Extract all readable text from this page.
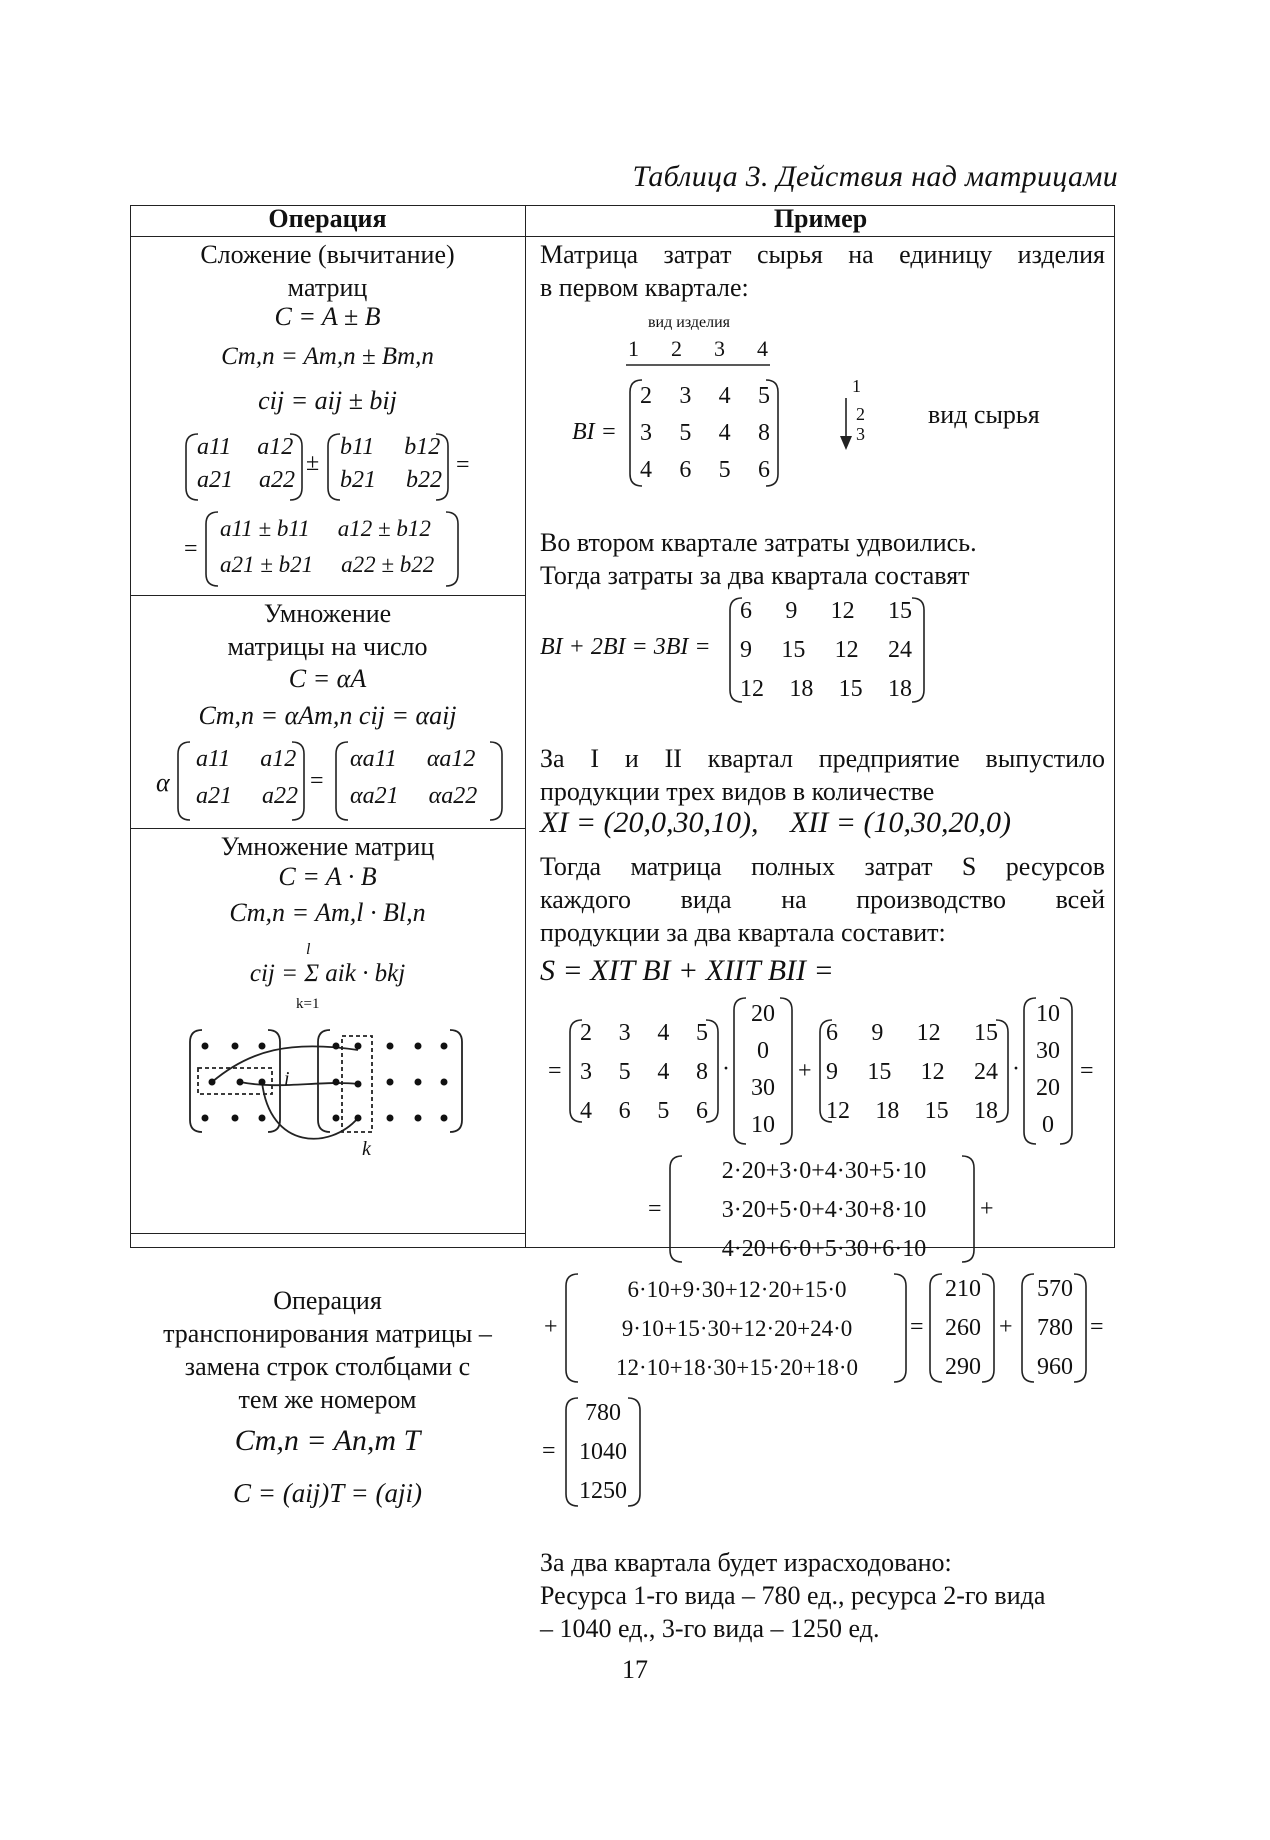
Таблица 3. Действия над матрицами
Операция	Пример
Сложение (вычитание)
матриц
C = A ± B
Cm,n = Am,n ± Bm,n
cij = aij ± bij
a11 a12
a21 a22
±
b11 b12
b21 b22
=
=
a11 ± b11 a12 ± b12
a21 ± b21 a22 ± b22
Умножение
матрицы на число
C = αA
Cm,n = αAm,n cij = αaij
α
a11 a12
a21 a22
=
αa11 αa12
αa21 αa22
Умножение матриц
C = A · B
Cm,n = Am,l · Bl,n
l
cij = Σ aik · bkj
k=1
i
k
Операция
транспонирования матрицы –
замена строк столбцами с
тем же номером
Cm,n = An,m T
C = (aij)T = (aji)
Матрица затрат сырья на единицу изделия
в первом квартале:
вид изделия
1 2 3 4
BI =
2 3 4 5
3 5 4 8
4 6 5 6
1
2
3
вид сырья
Во втором квартале затраты удвоились.
Тогда затраты за два квартала составят
BI + 2BI = 3BI =
6 9 12 15
9 15 12 24
12 18 15 18
За I и II квартал предприятие выпустило
продукции трех видов в количестве
XI = (20,0,30,10), XII = (10,30,20,0)
Тогда матрица полных затрат S ресурсов
каждого вида на производство всей
продукции за два квартала составит:
S = XIT BI + XIIT BII =
=
2 3 4 5
3 5 4 8
4 6 5 6
·
20
0
30
10
+
6 9 12 15
9 15 12 24
12 18 15 18
·
10
30
20
0
=
=
2·20+3·0+4·30+5·10
3·20+5·0+4·30+8·10
4·20+6·0+5·30+6·10
+
+
6·10+9·30+12·20+15·0
9·10+15·30+12·20+24·0
12·10+18·30+15·20+18·0
=
210
260
290
+
570
780
960
=
=
780
1040
1250
За два квартала будет израсходовано:
Ресурса 1-го вида – 780 ед., ресурса 2-го вида
– 1040 ед., 3-го вида – 1250 ед.
17
